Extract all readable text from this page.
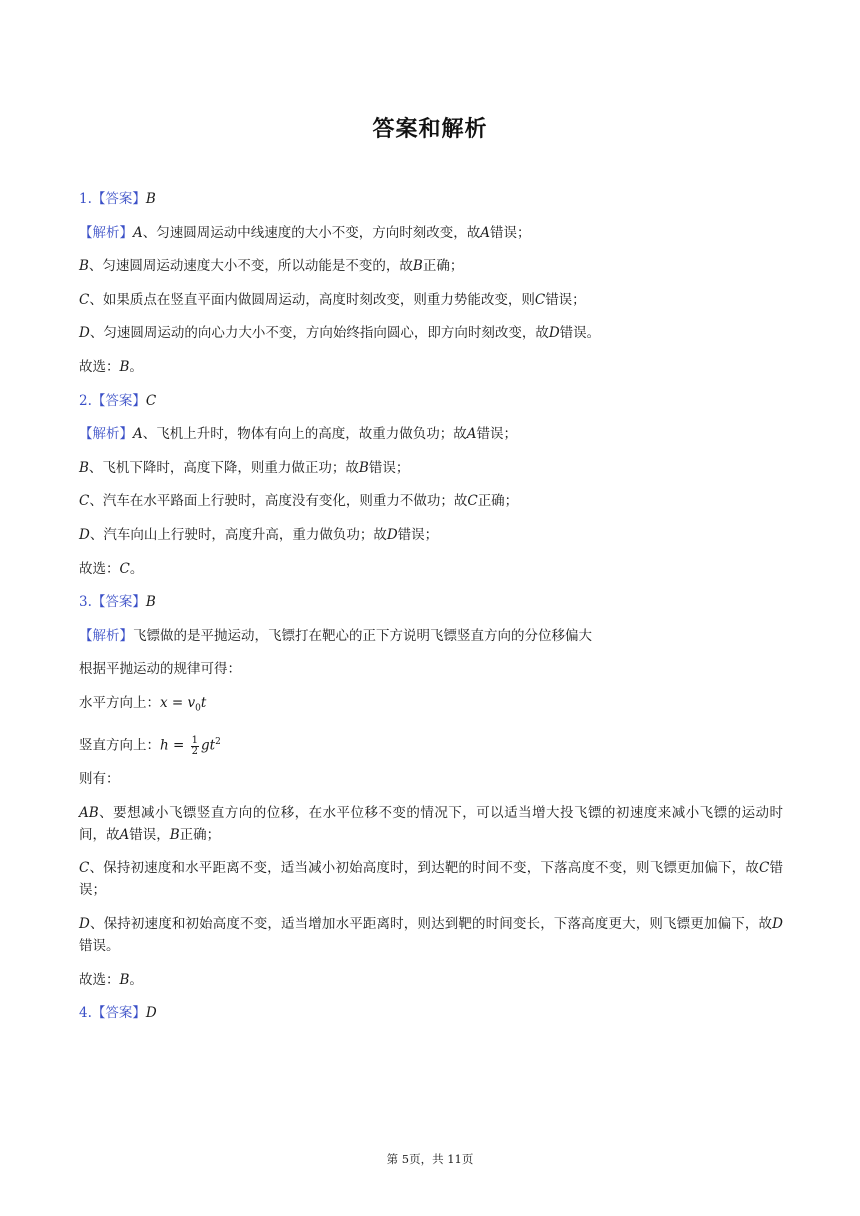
答案和解析
1.【答案】B
【解析】A、匀速圆周运动中线速度的大小不变，方向时刻改变，故A错误；
B、匀速圆周运动速度大小不变，所以动能是不变的，故B正确；
C、如果质点在竖直平面内做圆周运动，高度时刻改变，则重力势能改变，则C错误；
D、匀速圆周运动的向心力大小不变，方向始终指向圆心，即方向时刻改变，故D错误。
故选：B。
2.【答案】C
【解析】A、飞机上升时，物体有向上的高度，故重力做负功；故A错误；
B、飞机下降时，高度下降，则重力做正功；故B错误；
C、汽车在水平路面上行驶时，高度没有变化，则重力不做功；故C正确；
D、汽车向山上行驶时，高度升高，重力做负功；故D错误；
故选：C。
3.【答案】B
【解析】飞镖做的是平抛运动，飞镖打在靶心的正下方说明飞镖竖直方向的分位移偏大
根据平抛运动的规律可得：
水平方向上：$x = v_0t$
竖直方向上：$h = \frac{1}{2} gt^2$
则有：
AB、要想减小飞镖竖直方向的位移，在水平位移不变的情况下，可以适当增大投飞镖的初速度来减小飞镖的运动时间，故A错误，B正确；
C、保持初速度和水平距离不变，适当减小初始高度时，到达靶的时间不变，下落高度不变，则飞镖更加偏下，故C错误；
D、保持初速度和初始高度不变，适当增加水平距离时，则达到靶的时间变长，下落高度更大，则飞镖更加偏下，故D错误。
故选：B。
4.【答案】D
第 5页，共 11页
